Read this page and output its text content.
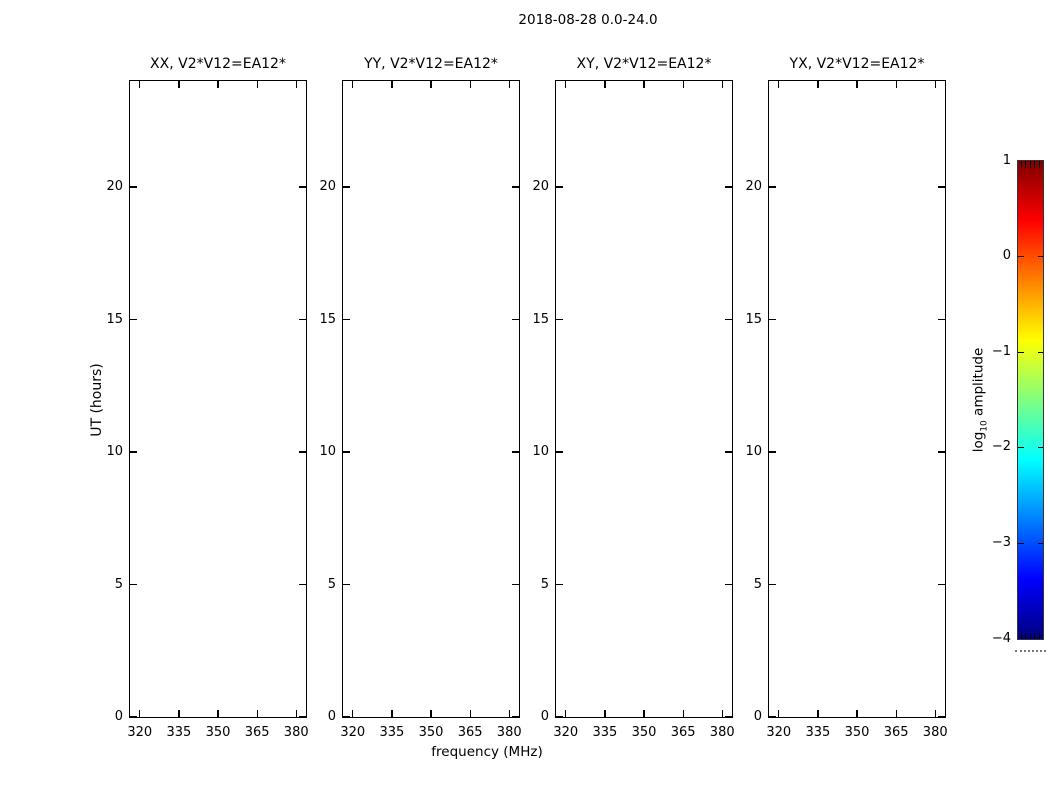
2018-08-28 0.0-24.0
XX, V2*V12=EA12*
320 335 350 365 380
0
5
10
15
20
YY, V2*V12=EA12*
320 335 350 365 380
0
5
10
15
20
XY, V2*V12=EA12*
320 335 350 365 380
0
5
10
15
20
YX, V2*V12=EA12*
320 335 350 365 380
0
5
10
15
20
frequency (MHz)
UT (hours)
$\log_{10}$ amplitude
1
0
−1
−2
−3
−4
